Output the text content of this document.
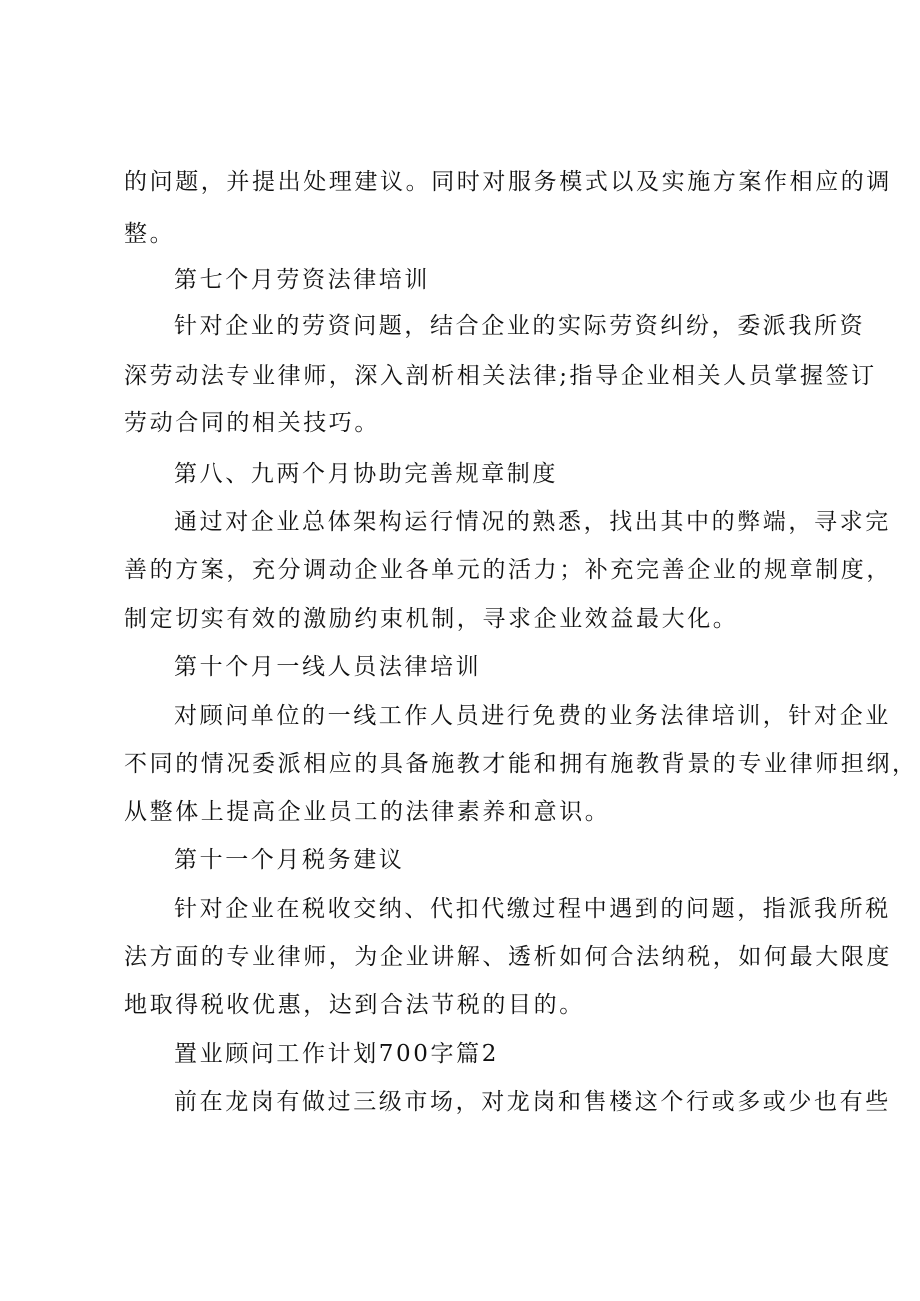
的问题，并提出处理建议。同时对服务模式以及实施方案作相应的调
整。
第七个月劳资法律培训
针对企业的劳资问题，结合企业的实际劳资纠纷，委派我所资
深劳动法专业律师，深入剖析相关法律;指导企业相关人员掌握签订
劳动合同的相关技巧。
第八、九两个月协助完善规章制度
通过对企业总体架构运行情况的熟悉，找出其中的弊端，寻求完
善的方案，充分调动企业各单元的活力；补充完善企业的规章制度，
制定切实有效的激励约束机制，寻求企业效益最大化。
第十个月一线人员法律培训
对顾问单位的一线工作人员进行免费的业务法律培训，针对企业
不同的情况委派相应的具备施教才能和拥有施教背景的专业律师担纲，
从整体上提高企业员工的法律素养和意识。
第十一个月税务建议
针对企业在税收交纳、代扣代缴过程中遇到的问题，指派我所税
法方面的专业律师，为企业讲解、透析如何合法纳税，如何最大限度
地取得税收优惠，达到合法节税的目的。
置业顾问工作计划700字篇2
前在龙岗有做过三级市场，对龙岗和售楼这个行或多或少也有些
